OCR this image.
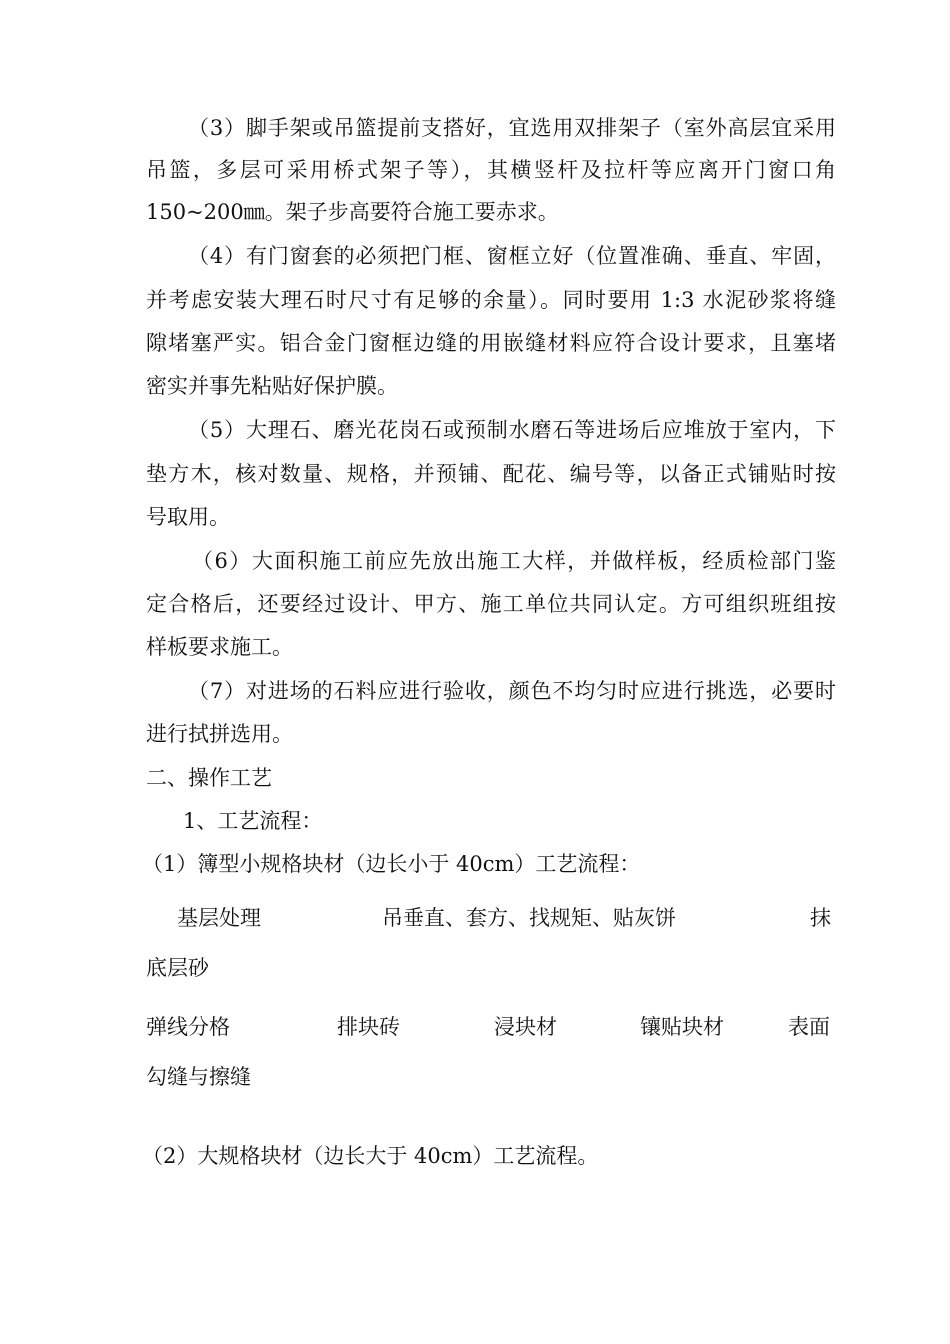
（3）脚手架或吊篮提前支搭好，宜选用双排架子（室外高层宜采用
吊篮，多层可采用桥式架子等），其横竖杆及拉杆等应离开门窗口角
150~200㎜。架子步高要符合施工要赤求。
（4）有门窗套的必须把门框、窗框立好（位置准确、垂直、牢固，
并考虑安装大理石时尺寸有足够的余量）。同时要用 1:3 水泥砂浆将缝
隙堵塞严实。铝合金门窗框边缝的用嵌缝材料应符合设计要求，且塞堵
密实并事先粘贴好保护膜。
（5）大理石、磨光花岗石或预制水磨石等进场后应堆放于室内，下
垫方木，核对数量、规格，并预铺、配花、编号等，以备正式铺贴时按
号取用。
（6）大面积施工前应先放出施工大样，并做样板，经质检部门鉴
定合格后，还要经过设计、甲方、施工单位共同认定。方可组织班组按
样板要求施工。
（7）对进场的石料应进行验收，颜色不均匀时应进行挑选，必要时
进行拭拼选用。
二、操作工艺
1、工艺流程：
（1）簿型小规格块材（边长小于 40cm）工艺流程：
基层处理	吊垂直、套方、找规矩、贴灰饼	抹
底层砂
弹线分格	排块砖	浸块材	镶贴块材	表面
勾缝与擦缝
（2）大规格块材（边长大于 40cm）工艺流程。
